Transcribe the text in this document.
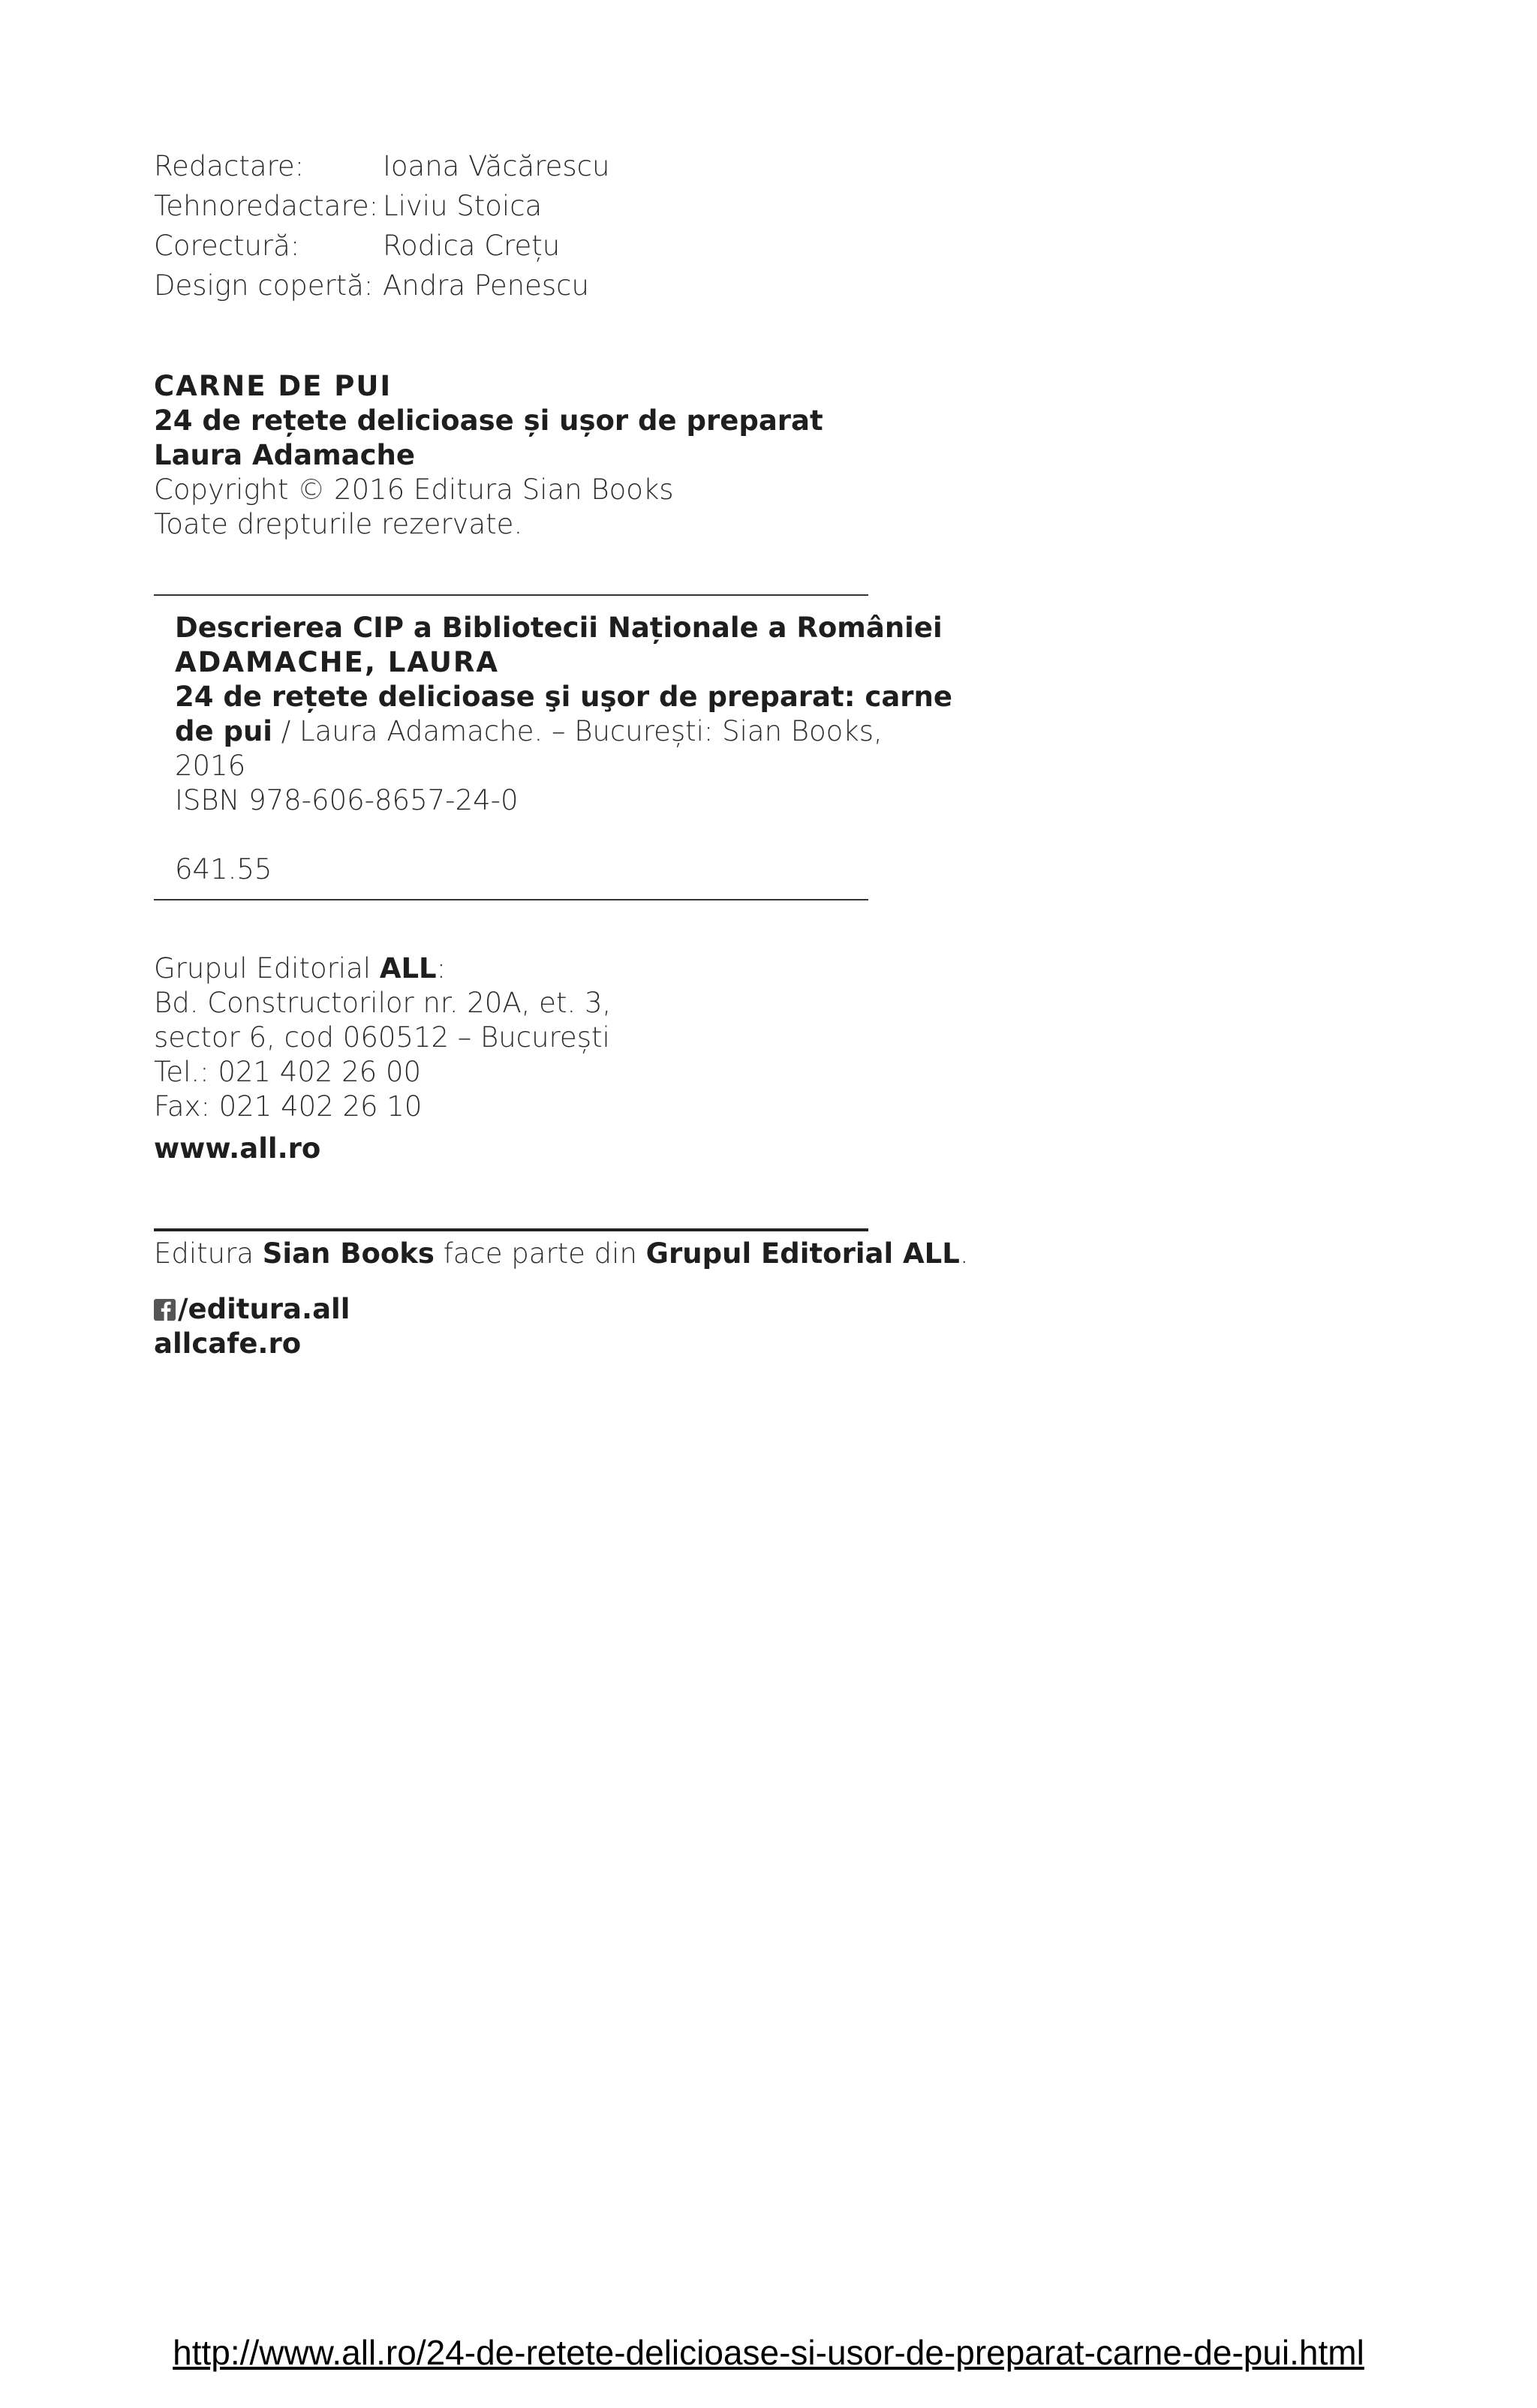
Redactare:	Ioana Văcărescu
Tehnoredactare: Liviu Stoica
Corectură:	Rodica Crețu
Design copertă: Andra Penescu
CARNE DE PUI
24 de rețete delicioase și ușor de preparat
Laura Adamache
Copyright © 2016 Editura Sian Books
Toate drepturile rezervate.
Descrierea CIP a Bibliotecii Naționale a României
ADAMACHE, LAURA
24 de rețete delicioase şi uşor de preparat: carne
de pui / Laura Adamache. – București: Sian Books,
2016
ISBN 978-606-8657-24-0
641.55
Grupul Editorial ALL :
Bd. Constructorilor nr. 20A, et. 3,
sector 6, cod 060512 – București
Tel.: 021 402 26 00
Fax: 021 402 26 10
www.all.ro
Editura Sian Books face parte din Grupul Editorial ALL .
/editura.all
allcafe.ro
http://www.all.ro/24-de-retete-delicioase-si-usor-de-preparat-carne-de-pui.html
